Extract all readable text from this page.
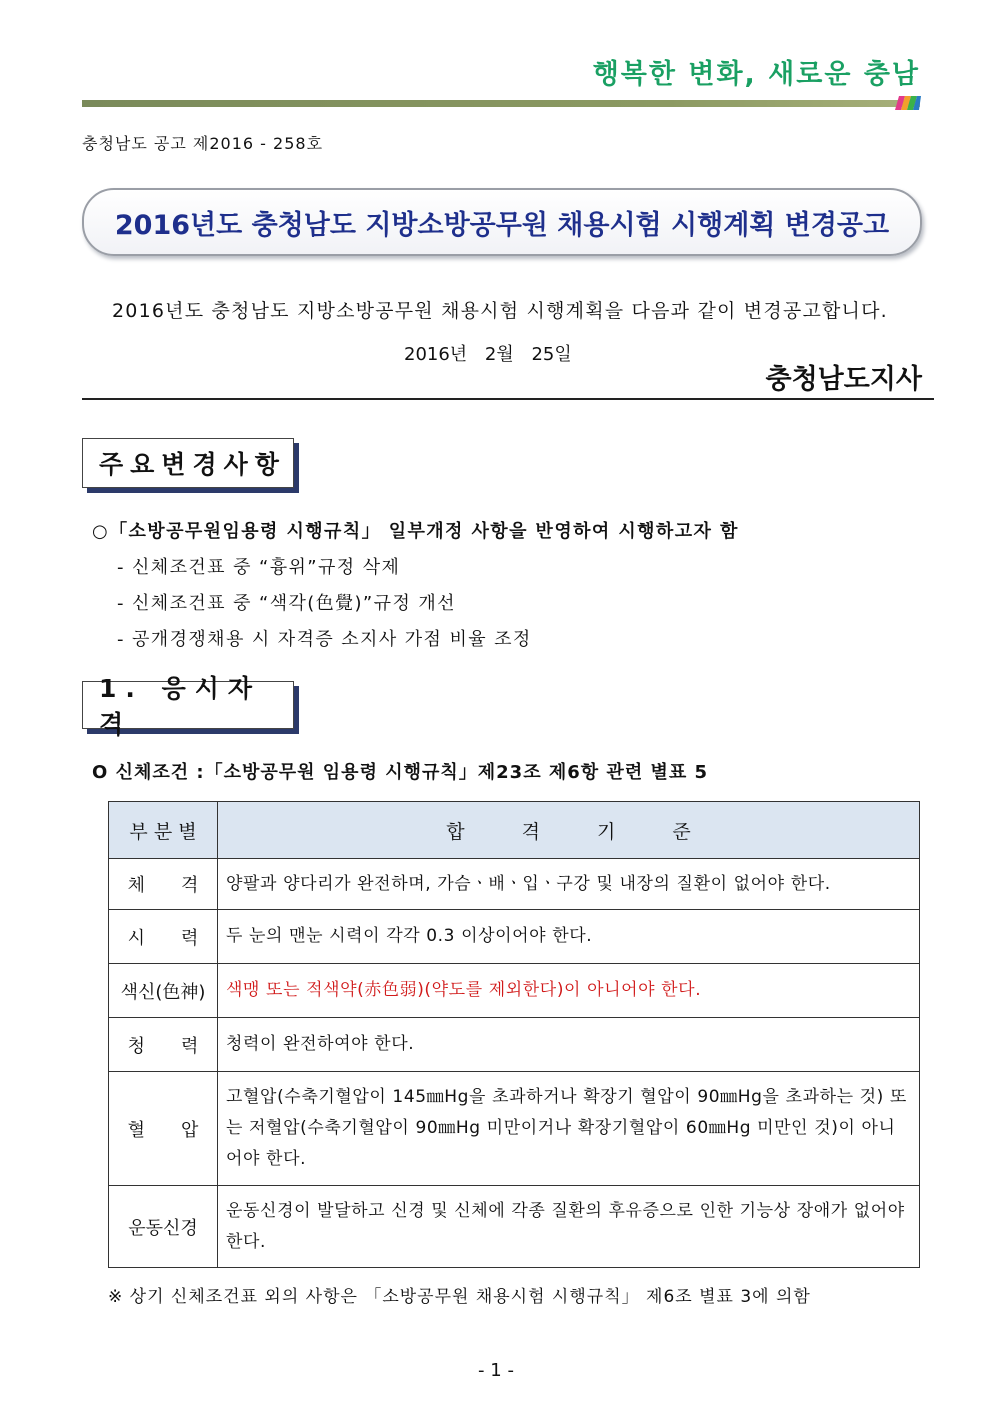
행복한 변화, 새로운 충남
충청남도 공고 제2016 - 258호
2016년도 충청남도 지방소방공무원 채용시험 시행계획 변경공고
2016년도 충청남도 지방소방공무원 채용시험 시행계획을 다음과 같이 변경공고합니다.
2016년 2월 25일
충청남도지사
주요변경사항
○「소방공무원임용령 시행규칙」 일부개정 사항을 반영하여 시행하고자 함
- 신체조건표 중 “흉위”규정 삭제
- 신체조건표 중 “색각(色覺)”규정 개선
- 공개경쟁채용 시 자격증 소지사 가점 비율 조정
1. 응시자격
O 신체조건 :「소방공무원 임용령 시행규칙」제23조 제6항 관련 별표 5
부 분 별	합　　　격　　　기　　　준
체　　격	양팔과 양다리가 완전하며, 가슴ㆍ배ㆍ입ㆍ구강 및 내장의 질환이 없어야 한다.
시　　력	두 눈의 맨눈 시력이 각각 0.3 이상이어야 한다.
색신(色神)	색맹 또는 적색약(赤色弱)(약도를 제외한다)이 아니어야 한다.
청　　력	청력이 완전하여야 한다.
혈　　압	고혈압(수축기혈압이 145㎜Hg을 초과하거나 확장기 혈압이 90㎜Hg을 초과하는 것) 또는 저혈압(수축기혈압이 90㎜Hg 미만이거나 확장기혈압이 60㎜Hg 미만인 것)이 아니어야 한다.
운동신경	운동신경이 발달하고 신경 및 신체에 각종 질환의 후유증으로 인한 기능상 장애가 없어야 한다.
※ 상기 신체조건표 외의 사항은 「소방공무원 채용시험 시행규칙」 제6조 별표 3에 의함
- 1 -
